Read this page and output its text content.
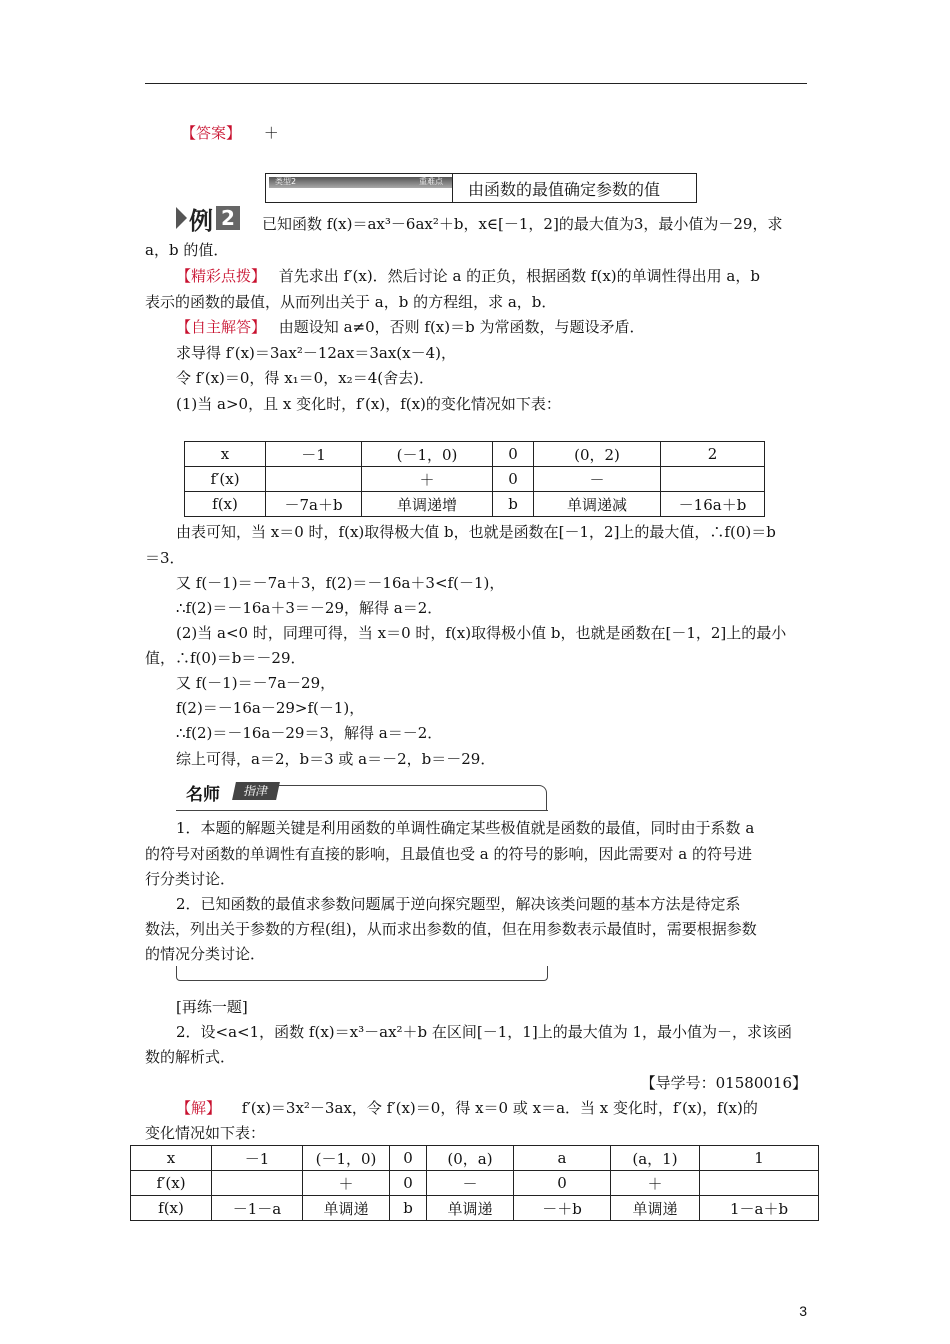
【答案】 ＋
类型2	重难点 由函数的最值确定参数的值
例 2	已知函数 f(x)＝ax³－6ax²＋b，x∈[－1，2]的最大值为3，最小值为－29，求
a，b 的值．
【精彩点拨】 首先求出 f′(x)．然后讨论 a 的正负，根据函数 f(x)的单调性得出用 a，b
表示的函数的最值，从而列出关于 a，b 的方程组，求 a，b．
【自主解答】 由题设知 a≠0，否则 f(x)＝b 为常函数，与题设矛盾．
求导得 f′(x)＝3ax²－12ax＝3ax(x－4)，
令 f′(x)＝0，得 x₁＝0，x₂＝4(舍去)．
(1)当 a>0，且 x 变化时，f′(x)，f(x)的变化情况如下表：
x	－1	(－1，0)	0	(0，2)	2
f′(x)		＋	0	－	
f(x)	－7a＋b	单调递增	b	单调递减	－16a＋b
由表可知，当 x＝0 时，f(x)取得极大值 b，也就是函数在[－1，2]上的最大值，∴f(0)＝b
＝3．
又 f(－1)＝－7a＋3，f(2)＝－16a＋3<f(－1)，
∴f(2)＝－16a＋3＝－29，解得 a＝2．
(2)当 a<0 时，同理可得，当 x＝0 时，f(x)取得极小值 b，也就是函数在[－1，2]上的最小
值，∴f(0)＝b＝－29．
又 f(－1)＝－7a－29，
f(2)＝－16a－29>f(－1)，
∴f(2)＝－16a－29＝3，解得 a＝－2．
综上可得，a＝2，b＝3 或 a＝－2，b＝－29．
名师	指津
1．本题的解题关键是利用函数的单调性确定某些极值就是函数的最值，同时由于系数 a
的符号对函数的单调性有直接的影响，且最值也受 a 的符号的影响，因此需要对 a 的符号进
行分类讨论．
2．已知函数的最值求参数问题属于逆向探究题型，解决该类问题的基本方法是待定系
数法，列出关于参数的方程(组)，从而求出参数的值，但在用参数表示最值时，需要根据参数
的情况分类讨论．
[再练一题]
2．设<a<1，函数 f(x)＝x³－ax²＋b 在区间[－1，1]上的最大值为 1，最小值为－，求该函
数的解析式．
【导学号：01580016】
【解】 f′(x)＝3x²－3ax，令 f′(x)＝0，得 x＝0 或 x＝a．当 x 变化时，f′(x)，f(x)的
变化情况如下表：
x	－1	(－1，0)	0	(0，a)	a	(a，1)	1
f′(x)		＋	0	－	0	＋	
f(x)	－1－a	单调递	b	单调递	－＋b	单调递	1－a＋b
3
